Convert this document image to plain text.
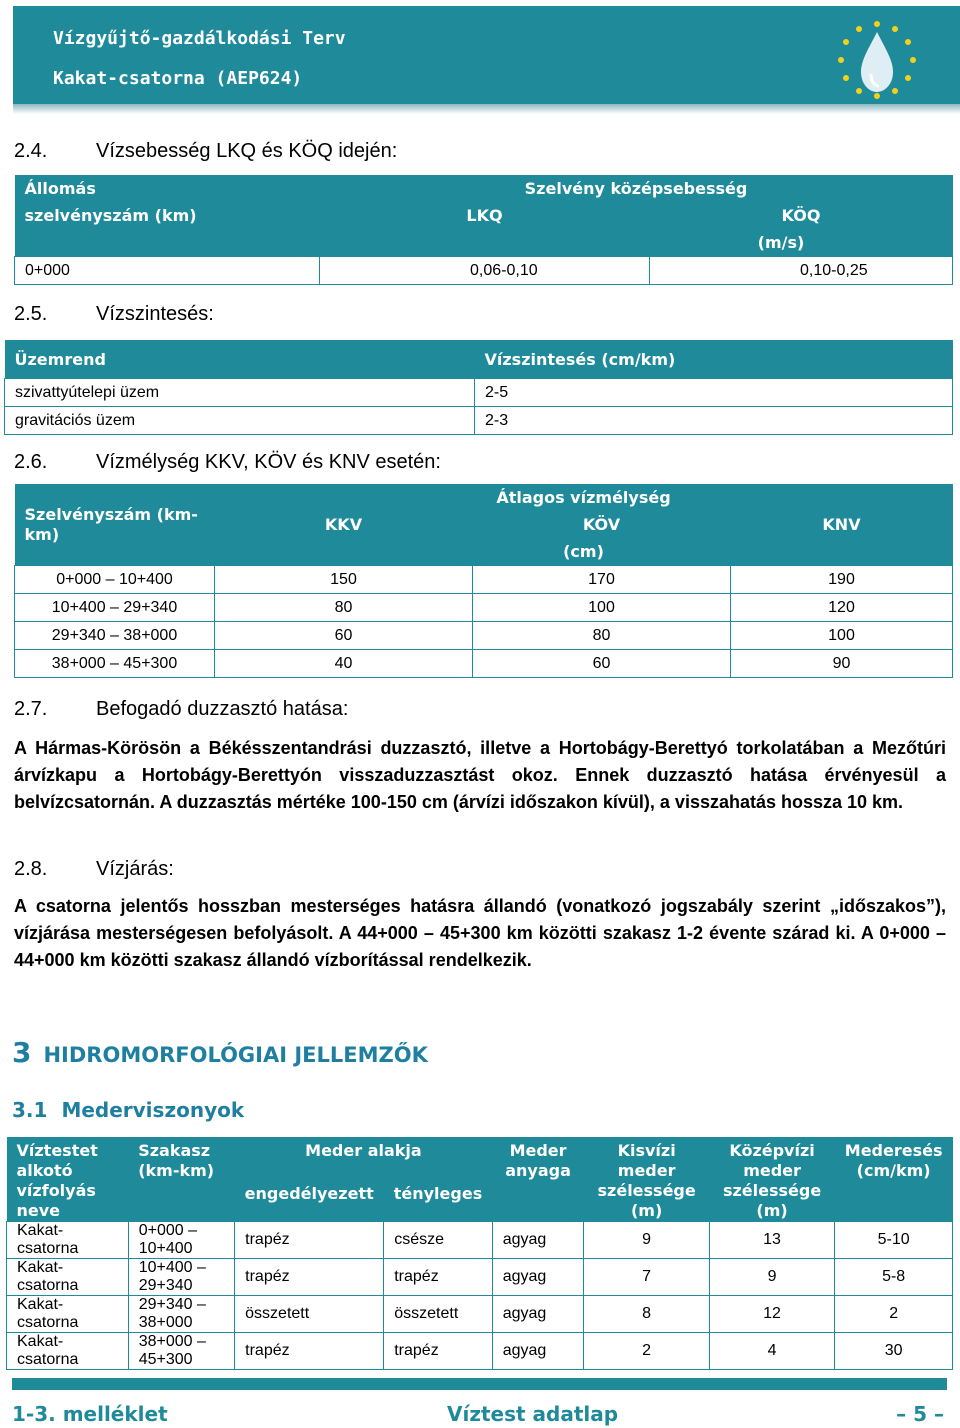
Vízgyűjtő-gazdálkodási Terv
Kakat-csatorna (AEP624)
2.4. Vízsebesség LKQ és KÖQ idején:
Állomás	Szelvény középsebesség	
szelvényszám (km)	LKQ	KÖQ
	(m/s)	
0+000	0,06-0,10	0,10-0,25
2.5. Vízszintesés:
Üzemrend	Vízszintesés (cm/km)
szivattyútelepi üzem	2-5
gravitációs üzem	2-3
2.6. Vízmélység KKV, KÖV és KNV esetén:
Szelvényszám (km-km)	Átlagos vízmélység		
	KKV	KÖV	KNV
	(cm)		
0+000 – 10+400	150	170	190
10+400 – 29+340	80	100	120
29+340 – 38+000	60	80	100
38+000 – 45+300	40	60	90
2.7. Befogadó duzzasztó hatása:
A Hármas-Körösön a Békésszentandrási duzzasztó, illetve a Hortobágy-Berettyó torkolatában a Mezőtúri árvízkapu a Hortobágy-Berettyón visszaduzzasztást okoz. Ennek duzzasztó hatása érvényesül a belvízcsatornán. A duzzasztás mértéke 100-150 cm (árvízi időszakon kívül), a visszahatás hossza 10 km.
2.8. Vízjárás:
A csatorna jelentős hosszban mesterséges hatásra állandó (vonatkozó jogszabály szerint „időszakos”), vízjárása mesterségesen befolyásolt. A 44+000 – 45+300 km közötti szakasz 1-2 évente szárad ki. A 0+000 – 44+000 km közötti szakasz állandó vízborítással rendelkezik.
3 HIDROMORFOLÓGIAI JELLEMZŐK
3.1 Mederviszonyok
Víztestet alkotó vízfolyás neve	Szakasz (km-km)	Meder alakja		Meder anyaga	Kisvízi meder szélessége (m)	Középvízi meder szélessége (m)	Mederesés (cm/km)
		engedélyezett	tényleges				
Kakat-csatorna	0+000 – 10+400	trapéz	csésze	agyag	9	13	5-10
Kakat-csatorna	10+400 – 29+340	trapéz	trapéz	agyag	7	9	5-8
Kakat-csatorna	29+340 – 38+000	összetett	összetett	agyag	8	12	2
Kakat-csatorna	38+000 – 45+300	trapéz	trapéz	agyag	2	4	30
1-3. melléklet	Víztest adatlap	– 5 –
